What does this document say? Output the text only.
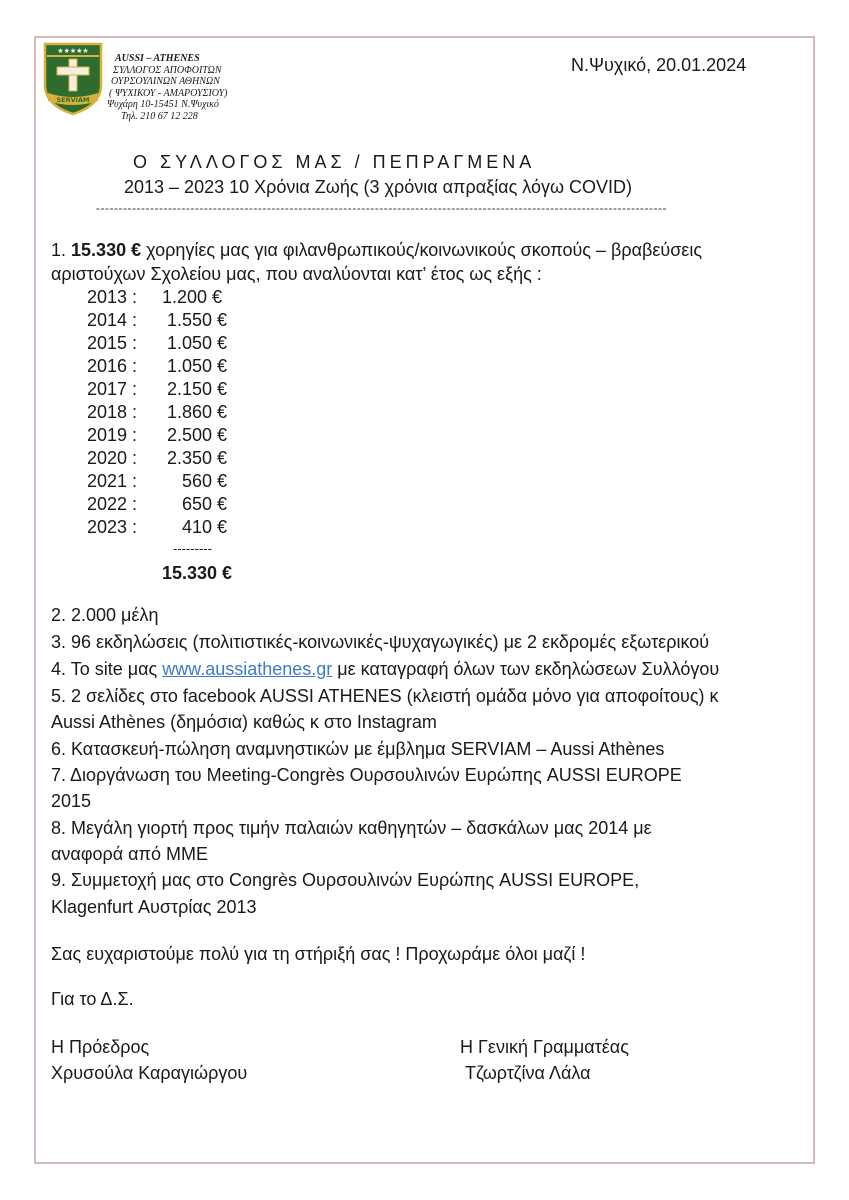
★★★★★
SERVIAM
AUSSI – ATHENES
ΣΥΛΛΟΓΟΣ ΑΠΟΦΟΙΤΩΝ
ΟΥΡΣΟΥΛΙΝΩΝ ΑΘΗΝΩΝ
( ΨΥΧΙΚΟΥ - ΑΜΑΡΟΥΣΙΟΥ)
Ψυχάρη 10-15451 Ν.Ψυχικό
Τηλ. 210 67 12 228
Ν.Ψυχικό, 20.01.2024
Ο ΣΥΛΛΟΓΟΣ ΜΑΣ / ΠΕΠΡΑΓΜΕΝΑ
2013 – 2023 10 Χρόνια Ζωής (3 χρόνια απραξίας λόγω COVID)
-------------------------------------------------------------------------------------------------------------------------------
1. 15.330 € χορηγίες μας για φιλανθρωπικούς/κοινωνικούς σκοπούς – βραβεύσεις
αριστούχων Σχολείου μας, που αναλύονται κατ’ έτος ως εξής :
2013 :	1.200 €
2014 :	1.550 €
2015 :	1.050 €
2016 :	1.050 €
2017 :	2.150 €
2018 :	1.860 €
2019 :	2.500 €
2020 :	2.350 €
2021 :	560 €
2022 :	650 €
2023 :	410 €
---------
15.330 €
2. 2.000 μέλη
3. 96 εκδηλώσεις (πολιτιστικές-κοινωνικές-ψυχαγωγικές) με 2 εκδρομές εξωτερικού
4. Το site μας www.aussiathenes.gr με καταγραφή όλων των εκδηλώσεων Συλλόγου
5. 2 σελίδες στο facebook AUSSI ATHENES (κλειστή ομάδα μόνο για αποφοίτους) κ
Aussi Athènes (δημόσια) καθώς κ στο Instagram
6. Κατασκευή-πώληση αναμνηστικών με έμβλημα SERVIAM – Aussi Athènes
7. Διοργάνωση του Meeting-Congrès Ουρσουλινών Ευρώπης AUSSI EUROPE
2015
8. Μεγάλη γιορτή προς τιμήν παλαιών καθηγητών – δασκάλων μας 2014 με
αναφορά από ΜΜΕ
9. Συμμετοχή μας στο Congrès Ουρσουλινών Ευρώπης AUSSI EUROPE,
Klagenfurt Αυστρίας 2013
Σας ευχαριστούμε πολύ για τη στήριξή σας ! Προχωράμε όλοι μαζί !
Για το Δ.Σ.
Η Πρόεδρος
Χρυσούλα Καραγιώργου
Η Γενική Γραμματέας
Τζωρτζίνα Λάλα
